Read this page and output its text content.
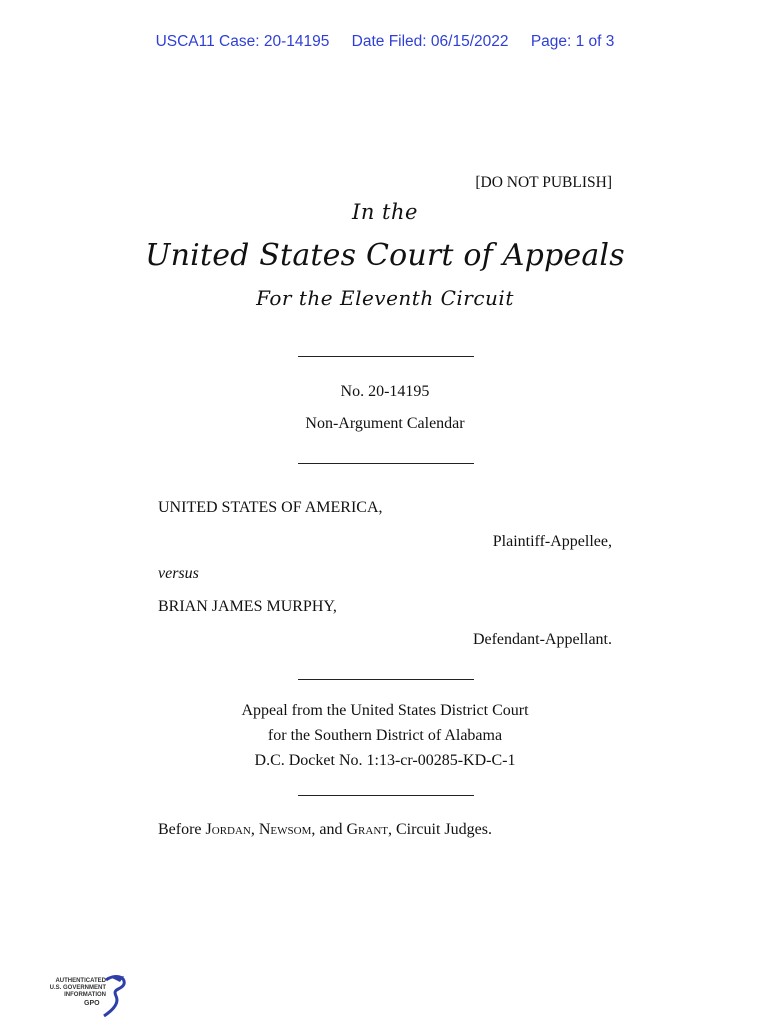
USCA11 Case: 20-14195 Date Filed: 06/15/2022 Page: 1 of 3
[DO NOT PUBLISH]
In the
United States Court of Appeals
For the Eleventh Circuit
No. 20-14195
Non-Argument Calendar
UNITED STATES OF AMERICA,
Plaintiff-Appellee,
versus
BRIAN JAMES MURPHY,
Defendant-Appellant.
Appeal from the United States District Court
for the Southern District of Alabama
D.C. Docket No. 1:13-cr-00285-KD-C-1
Before Jordan, Newsom, and Grant, Circuit Judges.
AUTHENTICATED
U.S. GOVERNMENT
INFORMATION
GPO
